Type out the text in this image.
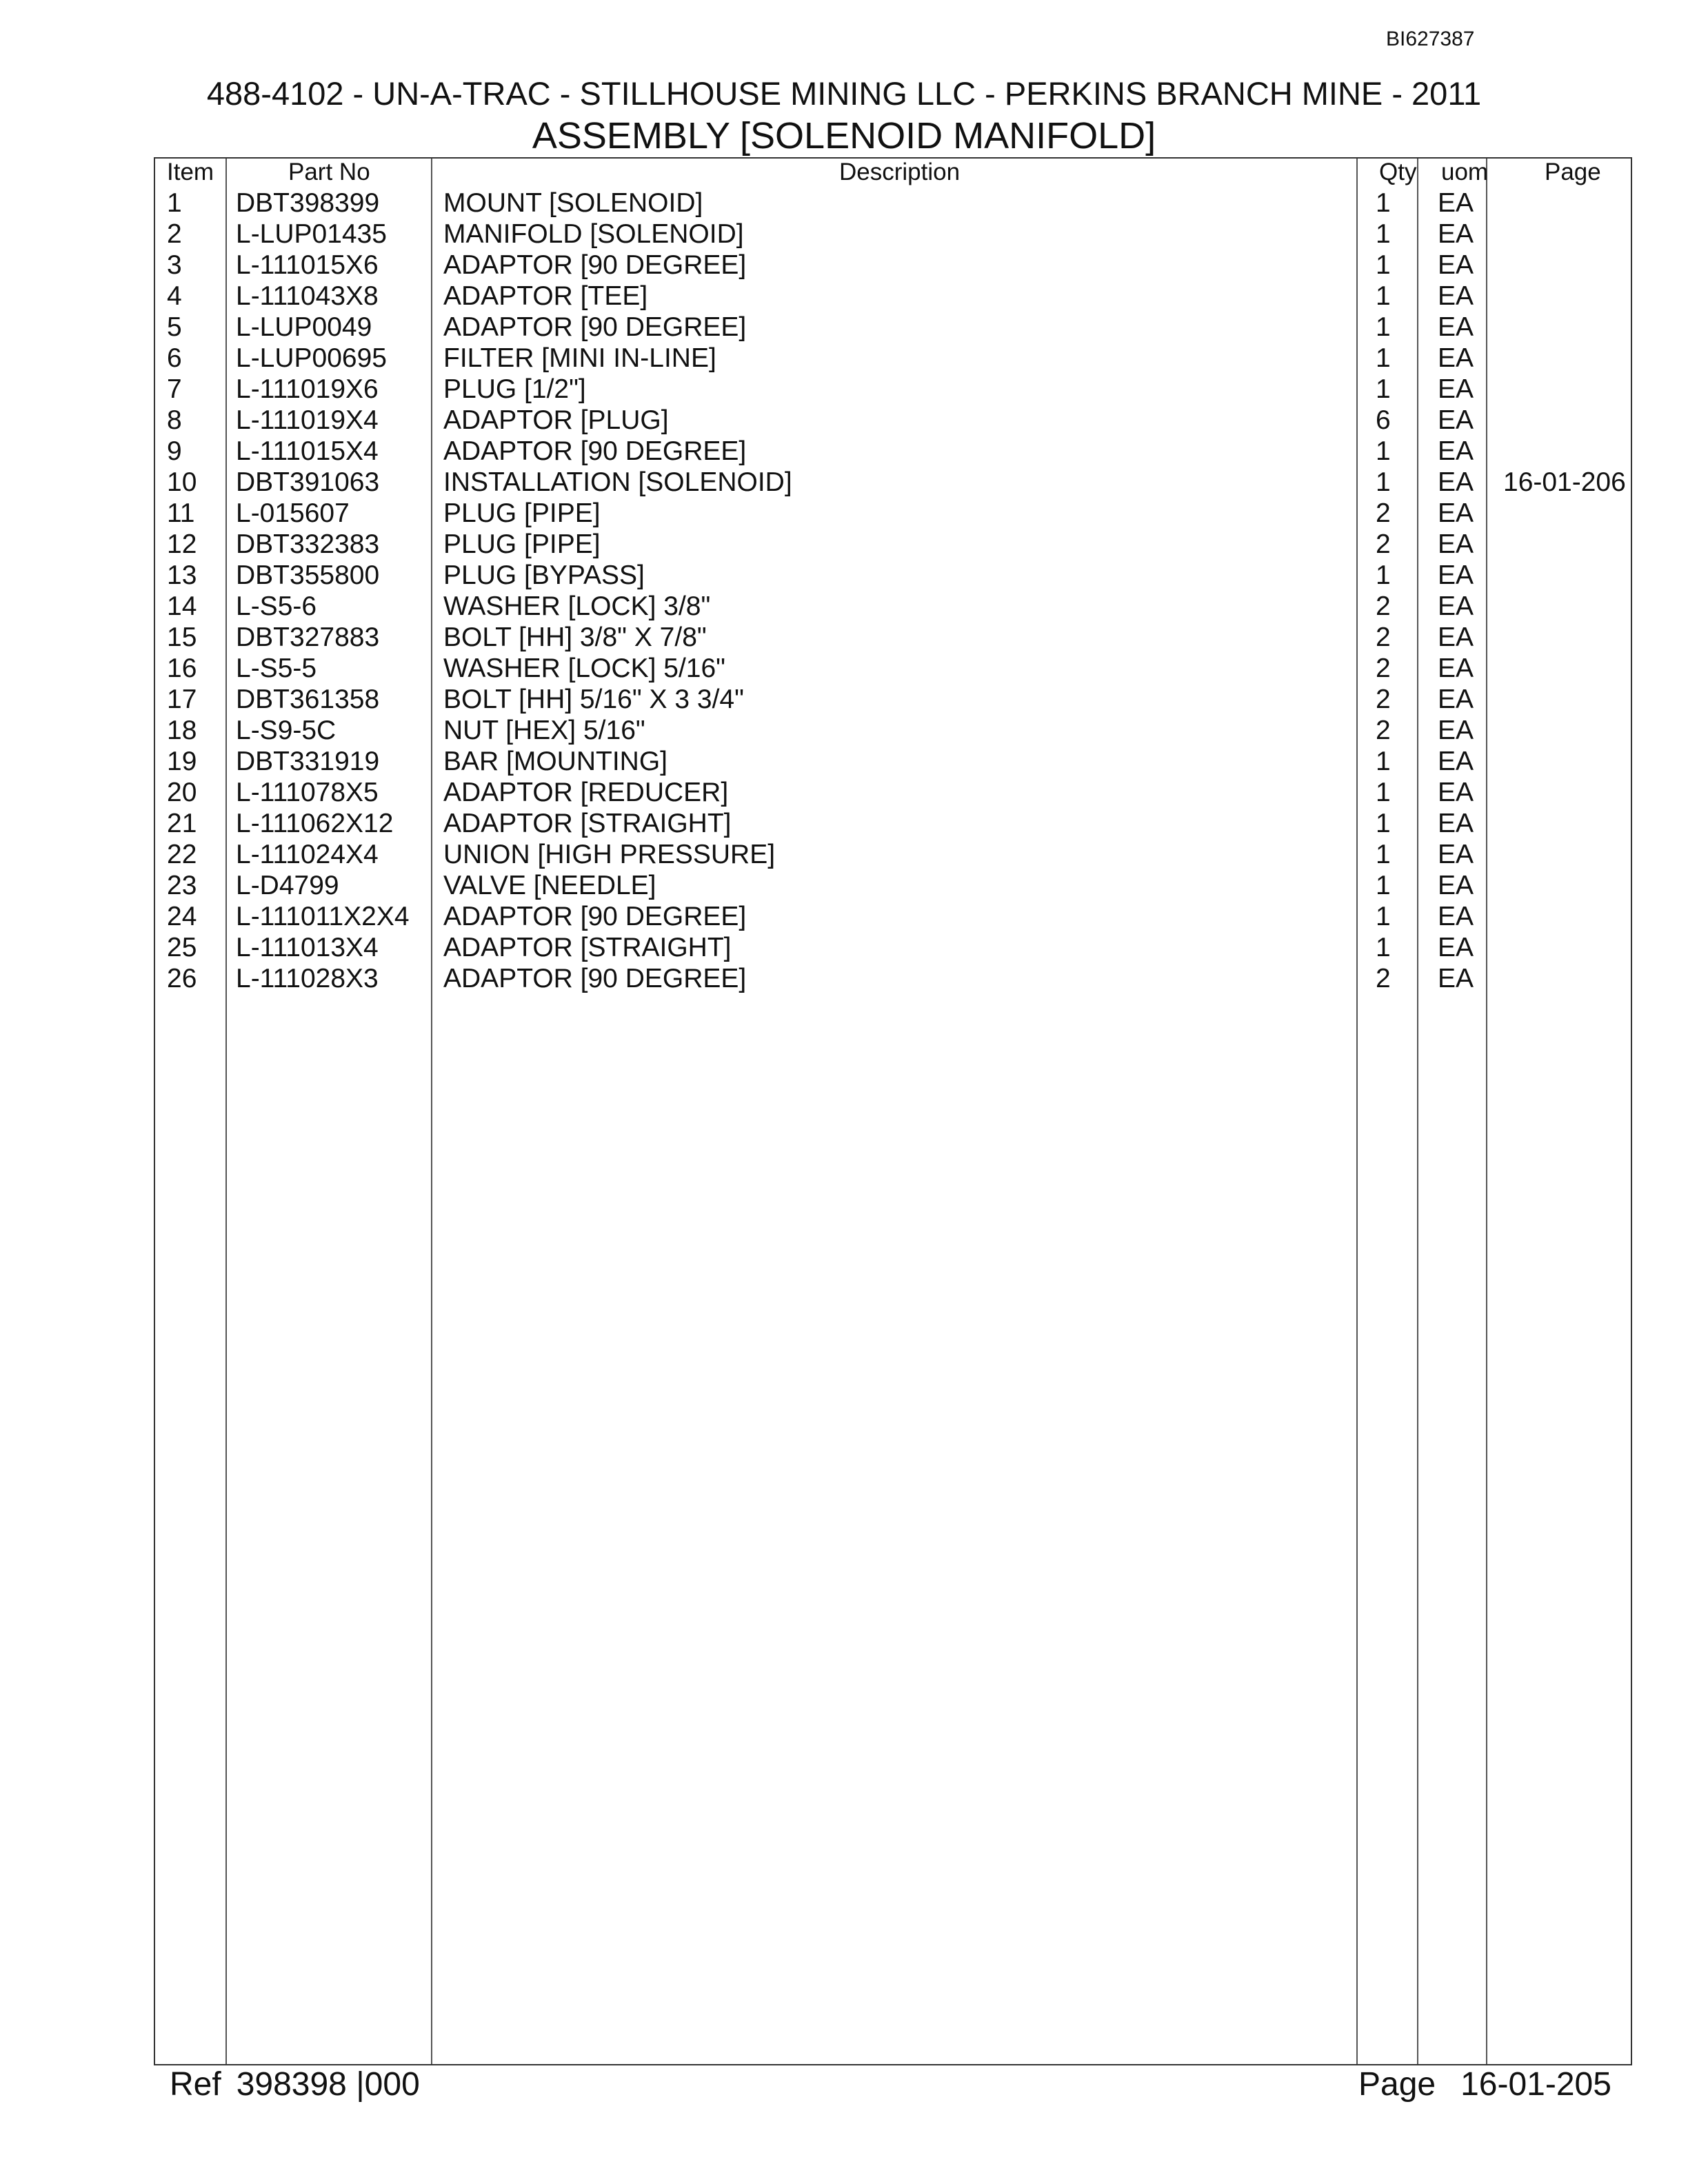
BI627387
488-4102 - UN-A-TRAC - STILLHOUSE MINING LLC - PERKINS BRANCH MINE - 2011
ASSEMBLY [SOLENOID MANIFOLD]
Item	Part No	Description	Qty uom Page
1 DBT398399 MOUNT [SOLENOID]	1 EA
2 L-LUP01435 MANIFOLD [SOLENOID]	1 EA
3 L-111015X6 ADAPTOR [90 DEGREE]	1 EA
4 L-111043X8 ADAPTOR [TEE]	1 EA
5 L-LUP0049	ADAPTOR [90 DEGREE]	1 EA
6 L-LUP00695 FILTER [MINI IN-LINE]	1 EA
7 L-111019X6 PLUG [1/2"]	1 EA
8 L-111019X4 ADAPTOR [PLUG]	6 EA
9 L-111015X4 ADAPTOR [90 DEGREE]	1 EA
10 DBT391063 INSTALLATION [SOLENOID]	1 EA 16-01-206
11 L-015607	PLUG [PIPE]	2 EA
12 DBT332383 PLUG [PIPE]	2 EA
13 DBT355800 PLUG [BYPASS]	1 EA
14 L-S5-6	WASHER [LOCK] 3/8"	2 EA
15 DBT327883 BOLT [HH] 3/8" X 7/8"	2 EA
16 L-S5-5	WASHER [LOCK] 5/16"	2 EA
17 DBT361358 BOLT [HH] 5/16" X 3 3/4"	2 EA
18 L-S9-5C	NUT [HEX] 5/16"	2 EA
19 DBT331919 BAR [MOUNTING]	1 EA
20 L-111078X5 ADAPTOR [REDUCER]	1 EA
21 L-111062X12 ADAPTOR [STRAIGHT]	1 EA
22 L-111024X4 UNION [HIGH PRESSURE]	1 EA
23 L-D4799	VALVE [NEEDLE]	1 EA
24 L-111011X2X4 ADAPTOR [90 DEGREE]	1 EA
25 L-111013X4 ADAPTOR [STRAIGHT]	1 EA
26 L-111028X3 ADAPTOR [90 DEGREE]	2 EA
Ref 398398 |000	Page 16-01-205
